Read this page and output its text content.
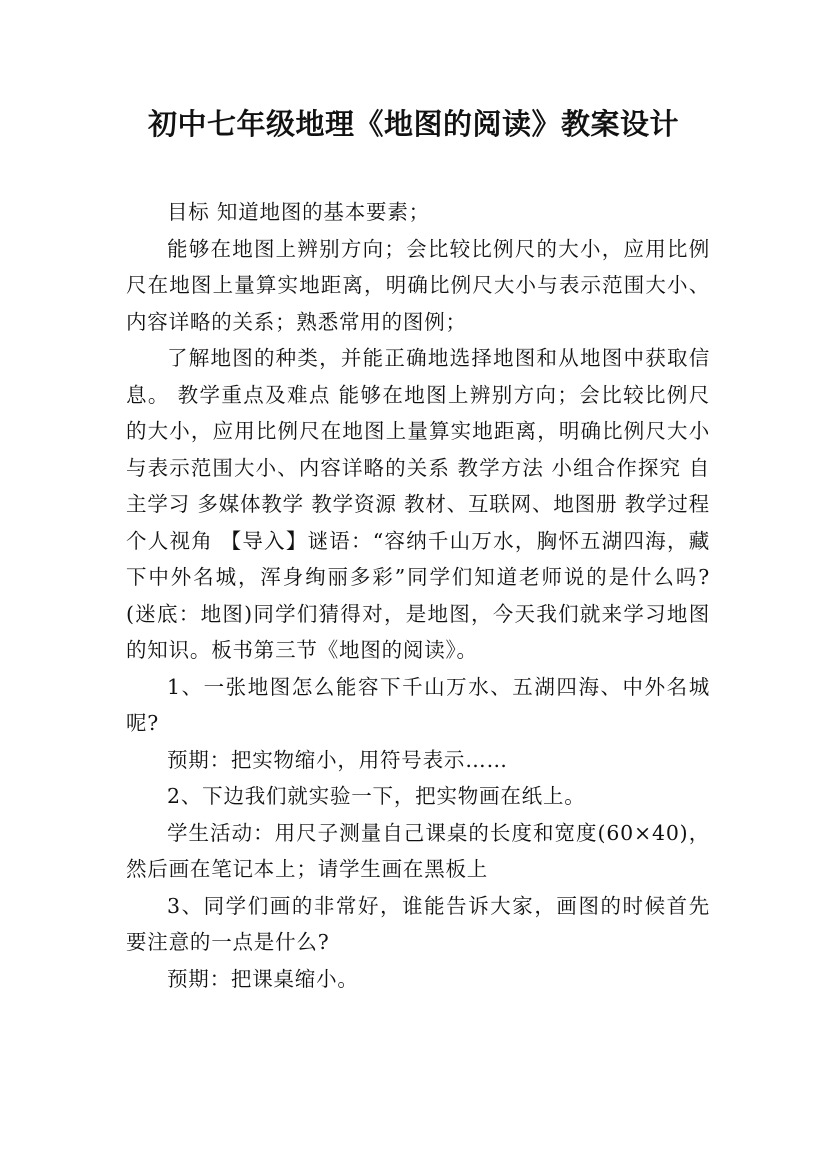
初中七年级地理《地图的阅读》教案设计

目标 知道地图的基本要素；

能够在地图上辨别方向；会比较比例尺的大小，应用比例尺在地图上量算实地距离，明确比例尺大小与表示范围大小、内容详略的关系；熟悉常用的图例；

了解地图的种类，并能正确地选择地图和从地图中获取信息。 教学重点及难点 能够在地图上辨别方向；会比较比例尺的大小，应用比例尺在地图上量算实地距离，明确比例尺大小与表示范围大小、内容详略的关系 教学方法 小组合作探究 自主学习 多媒体教学 教学资源 教材、互联网、地图册 教学过程 个人视角 【导入】谜语：“容纳千山万水，胸怀五湖四海，藏下中外名城，浑身绚丽多彩”同学们知道老师说的是什么吗?(迷底：地图)同学们猜得对，是地图，今天我们就来学习地图的知识。板书第三节《地图的阅读》。

1、一张地图怎么能容下千山万水、五湖四海、中外名城呢?

预期：把实物缩小，用符号表示……

2、下边我们就实验一下，把实物画在纸上。

学生活动：用尺子测量自己课桌的长度和宽度(60×40)，然后画在笔记本上；请学生画在黑板上

3、同学们画的非常好，谁能告诉大家，画图的时候首先要注意的一点是什么?

预期：把课桌缩小。
